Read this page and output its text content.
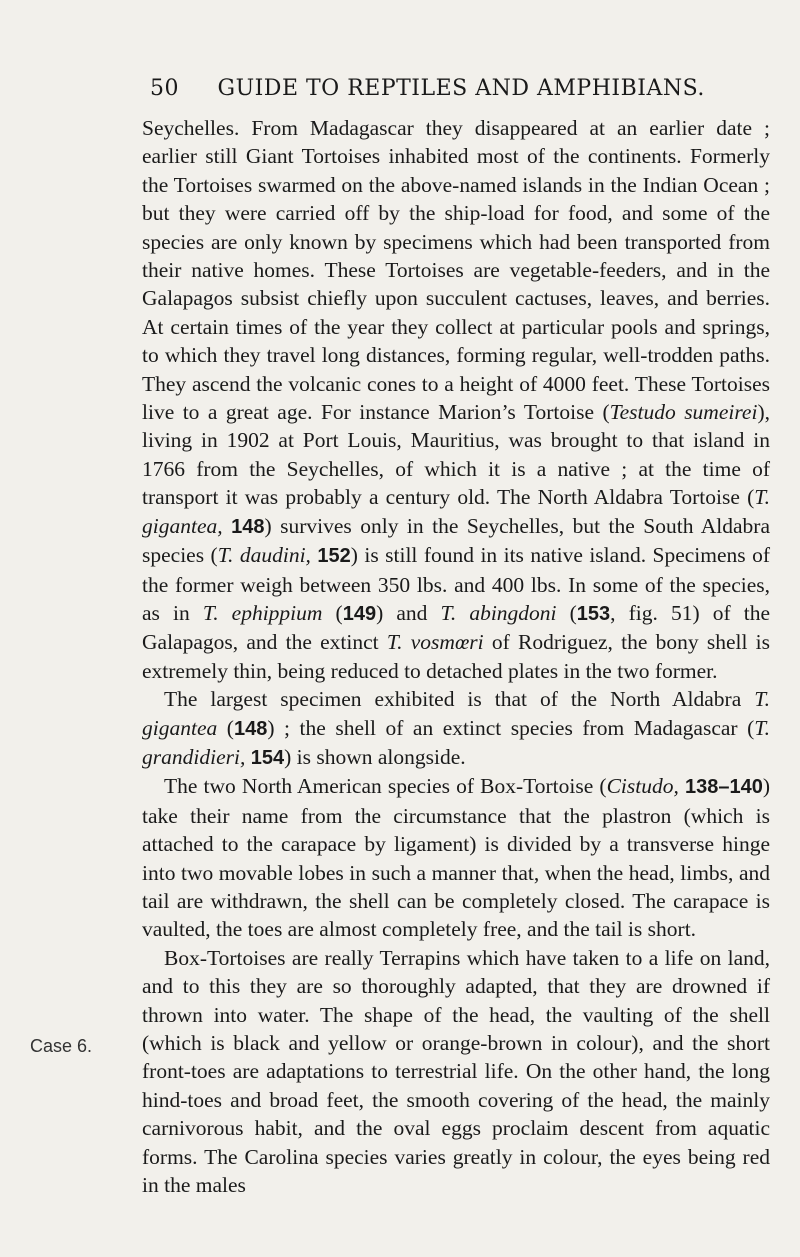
50 GUIDE TO REPTILES AND AMPHIBIANS.
Case 6.

Seychelles. From Madagascar they disappeared at an earlier date ; earlier still Giant Tortoises inhabited most of the continents. Formerly the Tortoises swarmed on the above-named islands in the Indian Ocean ; but they were carried off by the ship-load for food, and some of the species are only known by specimens which had been transported from their native homes. These Tortoises are vegetable-feeders, and in the Galapagos subsist chiefly upon succulent cactuses, leaves, and berries. At certain times of the year they collect at particular pools and springs, to which they travel long distances, forming regular, well-trodden paths. They ascend the volcanic cones to a height of 4000 feet. These Tortoises live to a great age. For instance Marion’s Tortoise (Testudo sumeirei), living in 1902 at Port Louis, Mauritius, was brought to that island in 1766 from the Seychelles, of which it is a native ; at the time of transport it was probably a century old. The North Aldabra Tortoise (T. gigantea, 148) survives only in the Seychelles, but the South Aldabra species (T. daudini, 152) is still found in its native island. Specimens of the former weigh between 350 lbs. and 400 lbs. In some of the species, as in T. ephippium (149) and T. abingdoni (153, fig. 51) of the Galapagos, and the extinct T. vosmœri of Rodriguez, the bony shell is extremely thin, being reduced to detached plates in the two former.

The largest specimen exhibited is that of the North Aldabra T. gigantea (148) ; the shell of an extinct species from Madagascar (T. grandidieri, 154) is shown alongside.

The two North American species of Box-Tortoise (Cistudo, 138–140) take their name from the circumstance that the plastron (which is attached to the carapace by ligament) is divided by a transverse hinge into two movable lobes in such a manner that, when the head, limbs, and tail are withdrawn, the shell can be completely closed. The carapace is vaulted, the toes are almost completely free, and the tail is short.

Box-Tortoises are really Terrapins which have taken to a life on land, and to this they are so thoroughly adapted, that they are drowned if thrown into water. The shape of the head, the vaulting of the shell (which is black and yellow or orange-brown in colour), and the short front-toes are adaptations to terrestrial life. On the other hand, the long hind-toes and broad feet, the smooth covering of the head, the mainly carnivorous habit, and the oval eggs proclaim descent from aquatic forms. The Carolina species varies greatly in colour, the eyes being red in the males
